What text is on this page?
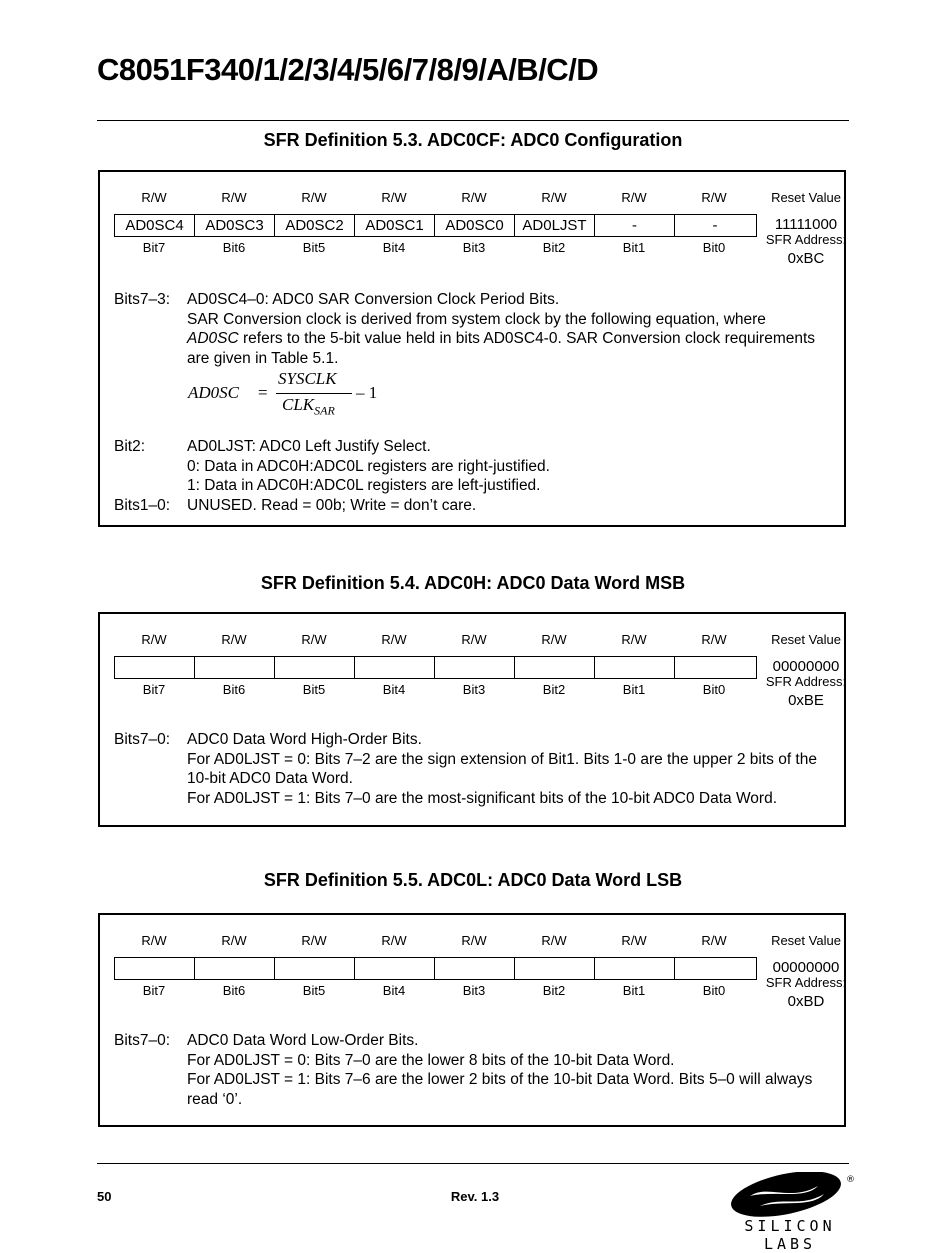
C8051F340/1/2/3/4/5/6/7/8/9/A/B/C/D
SFR Definition 5.3. ADC0CF: ADC0 Configuration
R/W	R/W	R/W	R/W	R/W	R/W	R/W	R/W
AD0SC4	AD0SC3	AD0SC2	AD0SC1	AD0SC0	AD0LJST	-	-
Bit7	Bit6	Bit5	Bit4	Bit3	Bit2	Bit1	Bit0
Reset Value
11111000
SFR Address:
0xBC
Bits7–3:	AD0SC4–0: ADC0 SAR Conversion Clock Period Bits.
SAR Conversion clock is derived from system clock by the following equation, where
AD0SC refers to the 5-bit value held in bits AD0SC4-0. SAR Conversion clock requirements
are given in Table 5.1.
AD0SC =
SYSCLK
$CLK_{SAR}$
– 1
Bit2:	AD0LJST: ADC0 Left Justify Select.
0: Data in ADC0H:ADC0L registers are right-justified.
1: Data in ADC0H:ADC0L registers are left-justified.
Bits1–0:	UNUSED. Read = 00b; Write = don’t care.
SFR Definition 5.4. ADC0H: ADC0 Data Word MSB
R/W	R/W	R/W	R/W	R/W	R/W	R/W	R/W
Bit7	Bit6	Bit5	Bit4	Bit3	Bit2	Bit1	Bit0
Reset Value
00000000
SFR Address:
0xBE
Bits7–0:	ADC0 Data Word High-Order Bits.
For AD0LJST = 0: Bits 7–2 are the sign extension of Bit1. Bits 1-0 are the upper 2 bits of the
10-bit ADC0 Data Word.
For AD0LJST = 1: Bits 7–0 are the most-significant bits of the 10-bit ADC0 Data Word.
SFR Definition 5.5. ADC0L: ADC0 Data Word LSB
R/W	R/W	R/W	R/W	R/W	R/W	R/W	R/W
Bit7	Bit6	Bit5	Bit4	Bit3	Bit2	Bit1	Bit0
Reset Value
00000000
SFR Address:
0xBD
Bits7–0:	ADC0 Data Word Low-Order Bits.
For AD0LJST = 0: Bits 7–0 are the lower 8 bits of the 10-bit Data Word.
For AD0LJST = 1: Bits 7–6 are the lower 2 bits of the 10-bit Data Word. Bits 5–0 will always
read ‘0’.
50	Rev. 1.3
®
SILICON LABS
